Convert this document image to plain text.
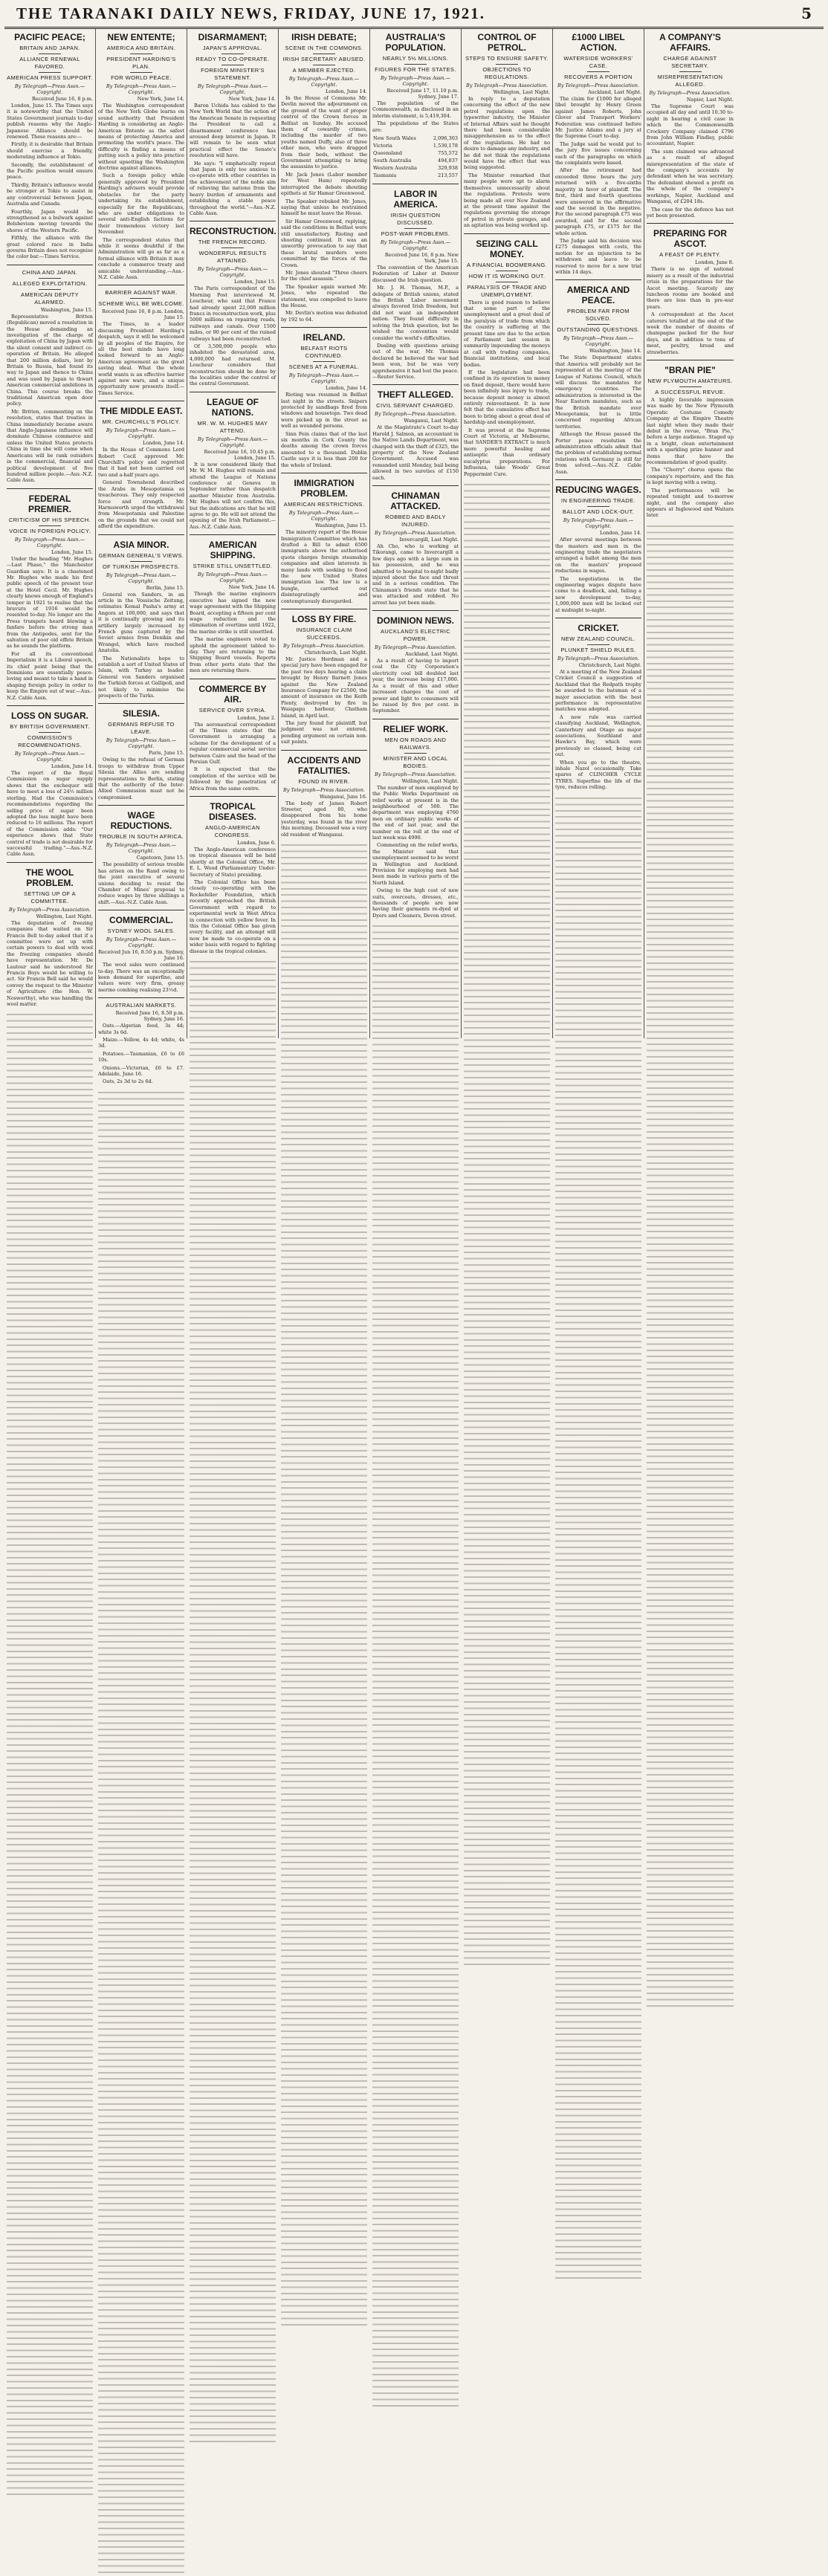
THE TARANAKI DAILY NEWS, FRIDAY, JUNE 17, 1921.	5
PACIFIC PEACE;
BRITAIN AND JAPAN.
ALLIANCE RENEWAL FAVORED.
AMERICAN PRESS SUPPORT.
By Telegraph—Press Assn.—Copyright.
Received June 16, 8 p.m.

London, June 15. The Times says it is noteworthy that the United States Government journals to-day publish reasons why the Anglo-Japanese Alliance should be renewed. These reasons are:—

Firstly, it is desirable that Britain should exercise a friendly, moderating influence at Tokio.

Secondly, the establishment of the Pacific position would ensure peace.

Thirdly, Britain's influence would be stronger at Tokio to assist in any controversial between Japan, Australia and Canada.

Fourthly, Japan would be strengthened as a bulwark against Bolshevism moving towards the shores of the Western Pacific.

Fifthly, the alliance with the great colored race in India governs Britain does not recognise the color bar.—Times Service.

CHINA AND JAPAN.
ALLEGED EXPLOITATION.
AMERICAN DEPUTY ALARMED.
Washington, June 15.

Representative Britten (Republican) moved a resolution in the House demanding an investigation of the charge of exploitation of China by Japan with the silent consent and indirect co-operation of Britain. He alleged that 200 million dollars, lent by Britain to Russia, had found its way to Japan and thence to China and was used by Japan to thwart American commercial ambitions in China. This course breaks the traditional American open door policy.

Mr. Britten, commenting on the resolution, states that treaties in China immediately became aware that Anglo-Japanese influence will dominate Chinese commerce and unless the United States protects China in time she will come when Americans will be rank outsiders in the commercial, financial and political development of five hundred million people.—Aus.-N.Z. Cable Assn.

FEDERAL PREMIER.
CRITICISM OF HIS SPEECH.
VOICE IN FOREIGN POLICY.
By Telegraph—Press Assn.—Copyright.
London, June 15.

Under the heading "Mr. Hughes—Last Phase," the Manchester Guardian says: It is a chastened Mr. Hughes who made his first public speech of the present tour at the Hotel Cecil. Mr. Hughes clearly knows enough of England's temper in 1921 to realise that the bravura of 1916 would be resented to-day. No longer are the Press trumpets heard blowing a fanfare before the strong man from the Antipodes, sent for the salvation of poor old effete Britain as he sounds the platform.

For all its conventional Imperialism it is a Liberal speech, its chief point being that the Dominions are essentially peace-loving and meant to take a hand in shaping foreign policy in order to keep the Empire out of war.—Aus.-N.Z. Cable Assn.

LOSS ON SUGAR.
BY BRITISH GOVERNMENT.
COMMISSION'S RECOMMENDATIONS.
By Telegraph—Press Assn.—Copyright.
London, June 14.

The report of the Royal Commission on sugar supply shows that the exchequer will have to meet a loss of 24½ million sterling. Had the Commission's recommendations regarding the selling price of sugar been adopted the loss might have been reduced to 16 millions. The report of the Commission adds: "Our experience shows that State control of trade is not desirable for successful trading."—Aus.-N.Z. Cable Assn.

THE WOOL PROBLEM.
SETTING UP OF A COMMITTEE.
By Telegraph—Press Association.
Wellington, Last Night.

The deputation of freezing companies that waited on Sir Francis Bell to-day asked that if a committee were set up with certain powers to deal with wool the freezing companies should have representation. Mr. De Lautour said he understood Sir Francis Boys would be willing to act. Sir Francis Bell said he would convey the request to the Minister of Agriculture (the Hon. W. Nosworthy), who was handling the wool matter.

NEW ENTENTE;
AMERICA AND BRITAIN.
PRESIDENT HARDING'S PLAN.
FOR WORLD PEACE.
By Telegraph—Press Assn.—Copyright.
New York, June 14.

The Washington correspondent of the New York Globe learns on sound authority that President Harding is considering an Anglo-American Entente as the safest means of protecting America and promoting the world's peace. The difficulty is finding a means of putting such a policy into practice without upsetting the Washington doctrine against alliances.

Such a foreign policy while generally approved by President Harding's advisers would provide obstacles for the party undertaking its establishment, especially for the Republicans, who are under obligations to several anti-English factions for their tremendous victory last November.

The correspondent states that while it seems doubtful if the Administration will go as far as a formal alliance with Britain it may conclude a commerce treaty and amicable understanding.—Aus.-N.Z. Cable Assn.

BARRIER AGAINST WAR.
SCHEME WILL BE WELCOME.
Received June 16, 8 p.m. London, June 15.

The Times, in a leader discussing President Harding's despatch, says it will be welcomed by all peoples of the Empire, for all the best minds have long looked forward to an Anglo-American agreement as the great saving ideal. What the whole world wants is an effective barrier against new wars, and a unique opportunity now presents itself.—Times Service.

THE MIDDLE EAST.
MR. CHURCHILL'S POLICY.
By Telegraph—Press Assn.—Copyright.
London, June 14.

In the House of Commons Lord Robert Cecil approved Mr. Churchill's policy and regretted that it had not been carried out two and a-half years ago.

General Townshend described the Arabs in Mesopotamia as treacherous. They only respected force and strength. Mr. Harmsworth urged the withdrawal from Mesopotamia and Palestine on the grounds that we could not afford the expenditure.

ASIA MINOR.
GERMAN GENERAL'S VIEWS.
OF TURKISH PROSPECTS.
By Telegraph—Press Assn.—Copyright.
Berlin, June 15.

General von Sanders, in an article in the Vossische Zeitung, estimates Kemal Pasha's army at Angora at 100,000, and says that it is continually growing and its artillery largely increased by French guns captured by the Soviet armies from Denikin and Wrangel, which have reached Anatolia.

The Nationalists hope to establish a sort of United States of Islam, with Turkey as leader. General von Sanders organised the Turkish forces at Gallipoli, and not likely to minimise the prospects of the Turks.

SILESIA.
GERMANS REFUSE TO LEAVE.
By Telegraph—Press Assn.—Copyright.
Paris, June 15.

Owing to the refusal of German troops to withdraw from Upper Silesia the Allies are sending representations to Berlin, stating that the authority of the Inter-Allied Commission must not be compromised.

WAGE REDUCTIONS.
TROUBLE IN SOUTH AFRICA.
By Telegraph—Press Assn.—Copyright.
Capetown, June 15.

The possibility of serious trouble has arisen on the Rand owing to the joint executive of several unions deciding to resist the Chamber of Mines' proposal to reduce wages by three shillings a shift.—Aus.-N.Z. Cable Assn.

COMMERCIAL.
SYDNEY WOOL SALES.
By Telegraph—Press Assn.—Copyright.
Received Jun 16, 8.50 p.m. Sydney, June 16.

The wool sales were continued to-day. There was an exceptionally keen demand for superfine, and values were very firm, greasy merino combing realising 23½d.

AUSTRALIAN MARKETS.
Received June 16, 8.50 p.m. Sydney, June 16.

Oats.—Algerian feed, 3s 4d; white 3s 6d.

Maize.—Yellow, 4s 4d; white, 4s 3d.

Potatoes.—Tasmanian, £6 to £6 10s.

Onions.—Victorian, £6 to £7. Adelaide, June 16.

Oats, 2s 3d to 2s 6d.

DISARMAMENT;
JAPAN'S APPROVAL.
READY TO CO-OPERATE.
FOREIGN MINISTER'S STATEMENT.
By Telegraph—Press Assn.—Copyright.
New York, June 14.

Baron Uchida has cabled to the New York World that the action of the American Senate in requesting the President to call a disarmament conference has aroused deep interest in Japan. It will remain to be seen what practical effect the Senate's resolution will have.

He says: "I emphatically repeat that Japan is only too anxious to co-operate with other countries in the achievement of the noble aim of relieving the nations from the heavy burden of armaments and establishing a stable peace throughout the world."—Aus.-N.Z. Cable Assn.

RECONSTRUCTION.
THE FRENCH RECORD.
WONDERFUL RESULTS ATTAINED.
By Telegraph—Press Assn.—Copyright.
London, June 15.

The Paris correspondent of the Morning Post interviewed M. Loucheur, who said that France had already spent 22,000 million francs in reconstruction work, plus 5000 millions on repairing roads, railways and canals. Over 1500 miles, or 90 per cent of the ruined railways had been reconstructed.

Of 3,500,000 people who inhabited the devastated area, 4,000,000 had returned. M. Loucheur considers that reconstruction should be done by the localities under the control of the central Government.

LEAGUE OF NATIONS.
MR. W. M. HUGHES MAY ATTEND.
By Telegraph—Press Assn.—Copyright.
Received June 16, 10.45 p.m. London, June 15.

It is now considered likely that Mr. W. M. Hughes will remain and attend the League of Nations conference at Geneva in September rather than despatch another Minister from Australia. Mr. Hughes will not confirm this, but the indications are that he will agree to go. He will not attend the opening of the Irish Parliament.—Aus.-N.Z. Cable Assn.

AMERICAN SHIPPING.
STRIKE STILL UNSETTLED.
By Telegraph—Press Assn.—Copyright.
New York, June 14.

Though the marine engineers executive has signed the new wage agreement with the Shipping Board, accepting a fifteen per cent wage reduction and the elimination of overtime until 1922, the marine strike is still unsettled.

The marine engineers voted to uphold the agreement tabled to-day. They are returning to the Shipping Board vessels. Reports from other ports state that the men are returning there.

COMMERCE BY AIR.
SERVICE OVER SYRIA.
London, June 2.

The aeronautical correspondent of the Times states that the Government is arranging a scheme for the development of a regular commercial aerial service between Cairo and the head of the Persian Gulf.

It is expected that the completion of the service will be followed by the penetration of Africa from the same centre.

TROPICAL DISEASES.
ANGLO-AMERICAN CONGRESS.
London, June 6.

The Anglo-American conference on tropical diseases will be held shortly at the Colonial Office, Mr. E. L. Wood (Parliamentary Under-Secretary of State) presiding.

The Colonial Office has been closely co-operating with the Rockefeller Foundation, which recently approached the British Government with regard to experimental work in West Africa in connection with yellow fever. In this the Colonial Office has given every facility, and an attempt will now be made to co-operate on a wider basis with regard to fighting disease in the tropical colonies.

IRISH DEBATE;
SCENE IN THE COMMONS.
IRISH SECRETARY ABUSED.
A MEMBER EJECTED.
By Telegraph—Press Assn.—Copyright.
London, June 14.

In the House of Commons Mr. Devlin moved the adjournment on the ground of the want of proper control of the Crown forces in Belfast on Sunday. He accused them of cowardly crimes, including the murder of two youths named Duffy, also of three other men, who were dragged from their beds, without the Government attempting to bring the assassins to justice.

Mr. Jack Jones (Labor member for West Ham) repeatedly interrupted the debate shouting epithets at Sir Hamar Greenwood.

The Speaker rebuked Mr. Jones, saying that unless he restrained himself he must leave the House.

Sir Hamar Greenwood, replying, said the conditions in Belfast were still unsatisfactory. Rioting and shooting continued. It was an unworthy provocation to say that these brutal murders were committed by the forces of the Crown.

Mr. Jones shouted "Three cheers for the chief assassin."

The Speaker again warned Mr. Jones, who repeated the statement, was compelled to leave the House.

Mr. Devlin's motion was defeated by 192 to 64.

IRELAND.
BELFAST RIOTS CONTINUED.
SCENES AT A FUNERAL.
By Telegraph—Press Assn.—Copyright.
London, June 14.

Rioting was resumed in Belfast last night in the streets. Snipers protected by sandbags fired from windows and housetops. Two dead were picked up in the street as well as wounded persons.

Sinn Fein claims that of the last six months in Cork County the deaths among the crown forces amounted to a thousand. Dublin Castle says it is less than 200 for the whole of Ireland.

IMMIGRATION PROBLEM.
AMERICAN RESTRICTIONS.
By Telegraph—Press Assn.—Copyright.
Washington, June 15.

The minority report of the House Immigration Committee which has drafted a Bill to admit 6500 immigrants above the authorised quota charges foreign steamship companies and alien interests in many lands with seeking to flood the new United States immigration law. The law is a bungle, carried out disintegratingly and contemptuously disregarded.

LOSS BY FIRE.
INSURANCE CLAIM SUCCEEDS.
By Telegraph—Press Association.
Christchurch, Last Night.

Mr. Justice Herdman and a special jury have been engaged for the past two days hearing a claim brought by Henry Barnett Jones against the New Zealand Insurance Company for £2500, the amount of insurance on the Keith Plenty, destroyed by fire in Waiapapu harbour, Chatham Island, in April last.

The jury found for plaintiff, but judgment was not entered, pending argument on certain non-suit points.

ACCIDENTS AND FATALITIES.
FOUND IN RIVER.
By Telegraph—Press Association.
Wanganui, June 16.

The body of James Robert Streeter, aged 80, who disappeared from his home yesterday, was found in the river this morning. Deceased was a very old resident of Wanganui.

AUSTRALIA'S POPULATION.
NEARLY 5½ MILLIONS.
FIGURES FOR THE STATES.
By Telegraph—Press Assn.—Copyright.
Received June 17, 11.10 p.m. Sydney, June 17.

The population of the Commonwealth, as disclosed in an interim statement, is 5,419,304.

The populations of the States are:

New South Wales	2,096,303
Victoria	1,530,178
Queensland	755,572
South Australia	494,837
Western Australia	329,938
Tasmania	213,557
LABOR IN AMERICA.
IRISH QUESTION DISCUSSED.
POST-WAR PROBLEMS.
By Telegraph—Press Assn.—Copyright.
Received June 16, 8 p.m. New York, June 15.

The convention of the American Federation of Labor at Denver discussed the Irish question.

Mr. J. H. Thomas, M.P., a delegate of British unions, stated the British Labor movement always favored Irish freedom, but did not want an independent nation. They found difficulty in solving the Irish question, but he wished the convention would consider the world's difficulties.

Dealing with questions arising out of the war, Mr. Thomas declared he believed the war had been won, but he was very apprehensive it had lost the peace.—Reuter Service.

THEFT ALLEGED.
CIVIL SERVANT CHARGED.
By Telegraph—Press Association.
Wanganui, Last Night.

At the Magistrate's Court to-day Harold J. Salmon, an accountant in the Native Lands Department, was charged with the theft of £325, the property of the New Zealand Government. Accused was remanded until Monday, bail being allowed in two sureties of £150 each.

CHINAMAN ATTACKED.
ROBBED AND BADLY INJURED.
By Telegraph—Press Association.
Invercargill, Last Night.

Ah Cho, who is working at Tikorangi, came to Invercargill a few days ago with a large sum in his possession, and he was admitted to hospital to-night badly injured about the face and throat and in a serious condition. The Chinaman's friends state that he was attacked and robbed. No arrest has yet been made.

DOMINION NEWS.
AUCKLAND'S ELECTRIC POWER.
By Telegraph—Press Association.
Auckland, Last Night.

As a result of having to import coal the City Corporation's electricity coal bill doubled last year, the increase being £17,000. As a result of this and other increased charges the cost of power and light to consumers will be raised by five per cent. in September.

RELIEF WORK.
MEN ON ROADS AND RAILWAYS.
MINISTER AND LOCAL BODIES.
By Telegraph—Press Association.
Wellington, Last Night.

The number of men employed by the Public Works Department on relief works at present is in the neighbourhood of 500. The department was employing 4760 men on ordinary public works of the end of last year, and the number on the roll at the end of last week was 4990.

Commenting on the relief works, the Minister said that unemployment seemed to be worst in Wellington and Auckland. Provision for employing men had been made in various parts of the North Island.

Owing to the high cost of new suits, overcoats, dresses, etc., thousands of people are now having their garments re-dyed at Dyers and Cleaners, Devon street.

CONTROL OF PETROL.
STEPS TO ENSURE SAFETY.
OBJECTIONS TO REGULATIONS.
By Telegraph—Press Association.
Wellington, Last Night.

In reply to a deputation concerning the effect of the new petrol regulations upon the typewriter industry, the Minister of Internal Affairs said he thought there had been considerable misapprehension as to the effect of the regulations. He had no desire to damage any industry, and he did not think the regulations would have the effect that was being suggested.

The Minister remarked that many people were apt to alarm themselves unnecessarily about the regulations. Protests were being made all over New Zealand at the present time against the regulations governing the storage of petrol in private garages, and an agitation was being worked up.

SEIZING CALL MONEY.
A FINANCIAL BOOMERANG.
HOW IT IS WORKING OUT.
PARALYSIS OF TRADE AND UNEMPLOYMENT.

There is good reason to believe that some part of the unemployment and a great deal of the paralysis of trade from which the country is suffering at the present time are due to the action of Parliament last session in summarily impounding the moneys at call with trading companies, financial institutions, and local bodies.

If the legislature had been confined in its operation to money on fixed deposit, there would have been infinitely less injury to trade, because deposit money is almost entirely reinvestment. It is now felt that the cumulative effect has been to bring about a great deal of hardship and unemployment.

It was proved at the Supreme Court of Victoria, at Melbourne, that SANDER'S EXTRACT is much more powerful healing and antiseptic than ordinary eucalyptus preparations. For Influenza, take Woods' Great Peppermint Cure.

£1000 LIBEL ACTION.
WATERSIDE WORKERS' CASE.
RECOVERS A PORTION
By Telegraph—Press Association.
Auckland, Last Night.

The claim for £1000 for alleged libel brought by Henry Green against James Roberts, John Glover and Transport Workers' Federation was continued before Mr. Justice Adams and a jury at the Supreme Court to-day.

The Judge said he would put to the jury five issues concerning each of the paragraphs on which the complaints were based.

After the retirement had exceeded three hours the jury returned with a five-sixths majority in favor of plaintiff. The first, third and fourth questions were answered in the affirmative and the second in the negative. For the second paragraph £75 was awarded, and for the second paragraph £75, or £175 for the whole action.

The Judge said his decision was £275 damages with costs, the motion for an injunction to be withdrawn and leave to be reserved to move for a new trial within 14 days.

AMERICA AND PEACE.
PROBLEM FAR FROM SOLVED.
OUTSTANDING QUESTIONS.
By Telegraph—Press Assn.—Copyright.
Washington, June 14.

The State Department states that America will probably not be represented at the meeting of the League of Nations Council, which will discuss the mandates for emergency countries. The administration is interested in the Near Eastern mandates, such as the British mandate over Mesopotamia, but is little concerned regarding African territories.

Although the House passed the Porter peace resolution the administration officials admit that the problem of establishing normal relations with Germany is still far from solved.—Aus.-N.Z. Cable Assn.

REDUCING WAGES.
IN ENGINEERING TRADE.
BALLOT AND LOCK-OUT.
By Telegraph—Press Assn.—Copyright.
London, June 14.

After several meetings between the masters and men in the engineering trade the negotiators arranged a ballot among the men on the masters' proposed reductions in wages.

The negotiations in the engineering wages dispute have come to a deadlock, and, failing a new development to-day, 1,000,000 men will be locked out at midnight to-night.

CRICKET.
NEW ZEALAND COUNCIL.
PLUNKET SHIELD RULES.
By Telegraph—Press Association.
Christchurch, Last Night.

At a meeting of the New Zealand Cricket Council a suggestion of Auckland that the Redpath trophy be awarded to the batsman of a major association with the best performance in representative matches was adopted.

A new rule was carried classifying Auckland, Wellington, Canterbury and Otago as major associations, Southland and Hawke's Bay, which were previously so classed, being cut out.

When you go to the theatre, inhale Nazol occasionally. Take spares of CLINCHER CYCLE TYRES. Superfine the life of the tyre, reduces rolling.

A COMPANY'S AFFAIRS.
CHARGE AGAINST SECRETARY.
MISREPRESENTATION ALLEGED.
By Telegraph—Press Association.
Napier, Last Night.

The Supreme Court was occupied all day and until 10.30 to-night in hearing a civil case in which the Commonwealth Crockery Company claimed £796 from John William Findlay, public accountant, Napier.

The sum claimed was advanced as a result of alleged misrepresentation of the state of the company's accounts by defendant when he was secretary. The defendant showed a profit on the whole of the company's workings, Napier, Auckland and Wanganui, of £204 18s.

The case for the defence has not yet been presented.

PREPARING FOR ASCOT.
A FEAST OF PLENTY.
London, June 8.

There is no sign of national misery as a result of the industrial crisis in the preparations for the Ascot meeting. Scarcely any luncheon rooms are booked and there are less than in pre-war years.

A correspondent at the Ascot caterers totalled at the end of the week the number of dozens of champagne packed for the four days, and in addition to tons of meat, poultry, bread and strawberries.

"BRAN PIE"
NEW PLYMOUTH AMATEURS.
A SUCCESSFUL REVUE.

A highly favorable impression was made by the New Plymouth Operatic Costume Comedy Company at the Empire Theatre last night when they made their debut in the revue, "Bran Pie," before a large audience. Staged up in a bright, clean entertainment with a sparkling prize banner and items that have the recommendation of good quality.

The "Cherry" chorus opens the company's repertoire, and the fun is kept moving with a swing.

The performances will be repeated tonight and to-morrow night, and the company also appears at Inglewood and Waitara later.
